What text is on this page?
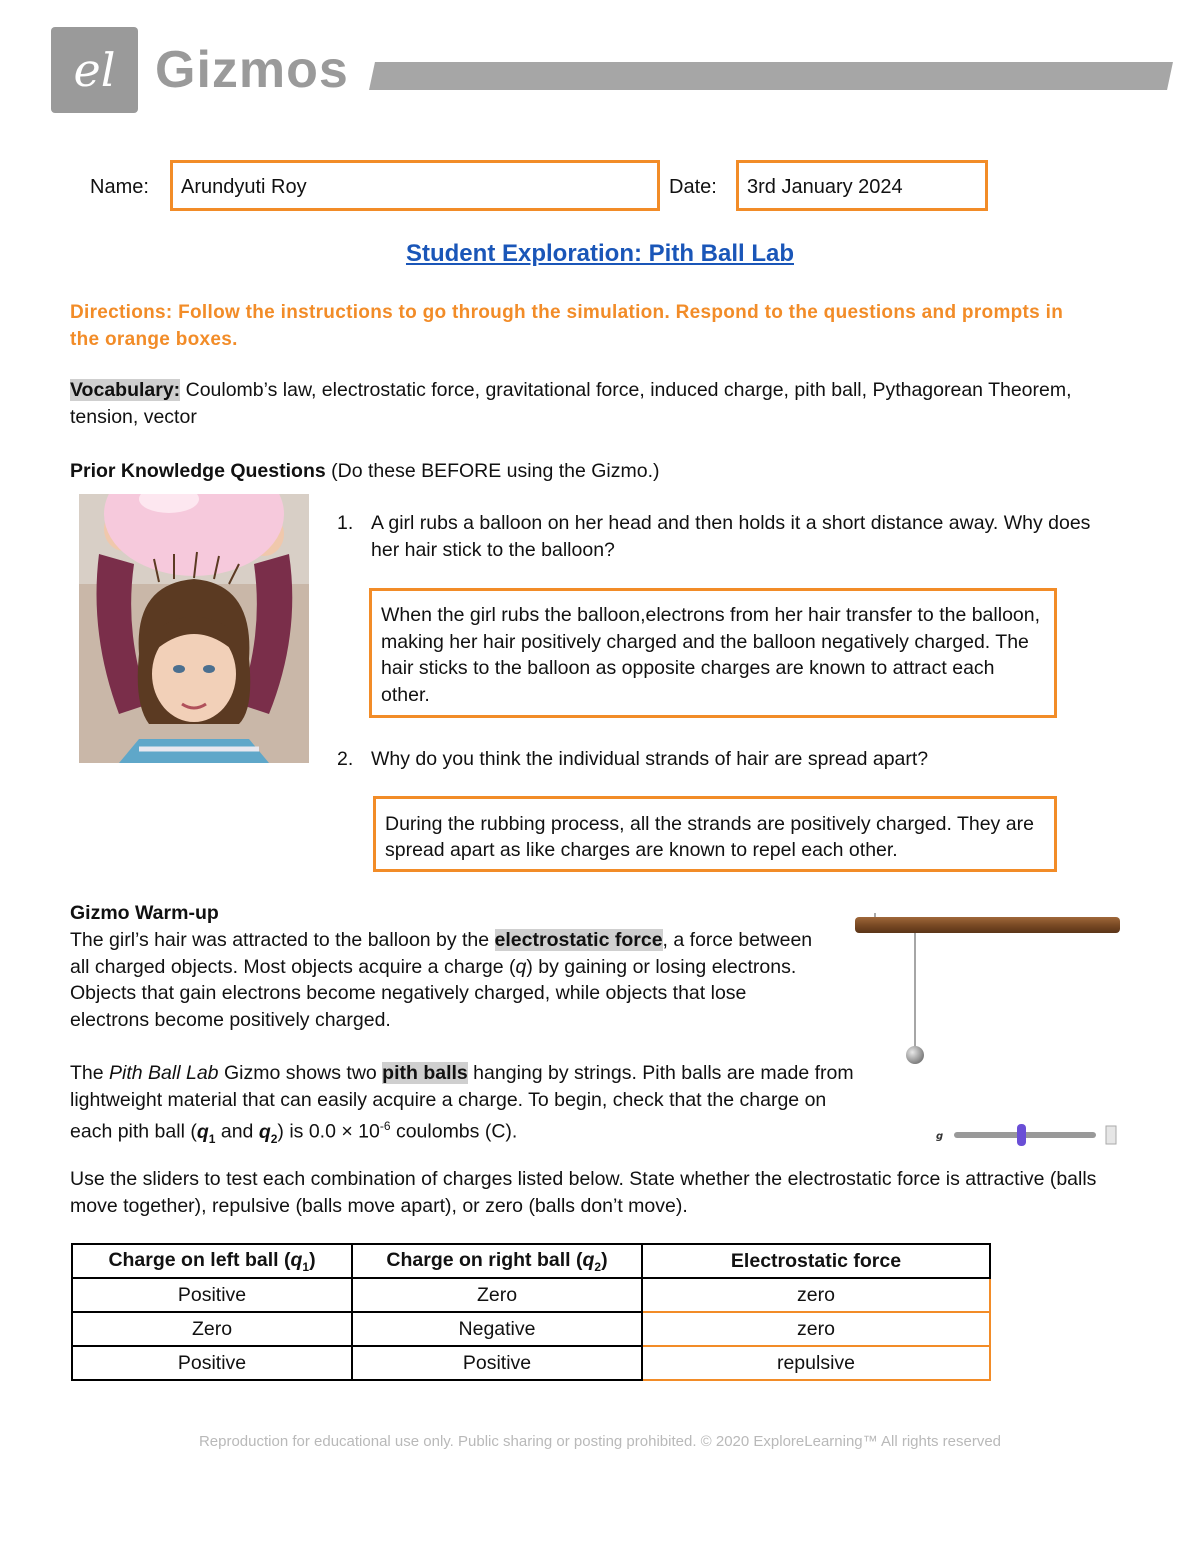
el Gizmos
Name:	Arundyuti Roy	Date:	3rd January 2024
Student Exploration: Pith Ball Lab
Directions: Follow the instructions to go through the simulation. Respond to the questions and prompts in the orange boxes.
Vocabulary: Coulomb’s law, electrostatic force, gravitational force, induced charge, pith ball, Pythagorean Theorem, tension, vector
Prior Knowledge Questions (Do these BEFORE using the Gizmo.)
1. A girl rubs a balloon on her head and then holds it a short distance away. Why does her hair stick to the balloon?
When the girl rubs the balloon,electrons from her hair transfer to the balloon, making her hair positively charged and the balloon negatively charged. The hair sticks to the balloon as opposite charges are known to attract each other.
2. Why do you think the individual strands of hair are spread apart?
During the rubbing process, all the strands are positively charged. They are spread apart as like charges are known to repel each other.
Gizmo Warm-up
The girl’s hair was attracted to the balloon by the electrostatic force, a force between all charged objects. Most objects acquire a charge (q) by gaining or losing electrons. Objects that gain electrons become negatively charged, while objects that lose electrons become positively charged.
The Pith Ball Lab Gizmo shows two pith balls hanging by strings. Pith balls are made from lightweight material that can easily acquire a charge. To begin, check that the charge on each pith ball ($q_1$ and $q_2$) is $0.0 \times 10^{-6}$ coulombs (C).	g
Use the sliders to test each combination of charges listed below. State whether the electrostatic force is attractive (balls move together), repulsive (balls move apart), or zero (balls don’t move).
Charge on left ball $(q_1)$	Charge on right ball $(q_2)$	Electrostatic force
Positive	Zero	zero
Zero	Negative	zero
Positive	Positive	repulsive
Reproduction for educational use only. Public sharing or posting prohibited. © 2020 ExploreLearning™ All rights reserved
